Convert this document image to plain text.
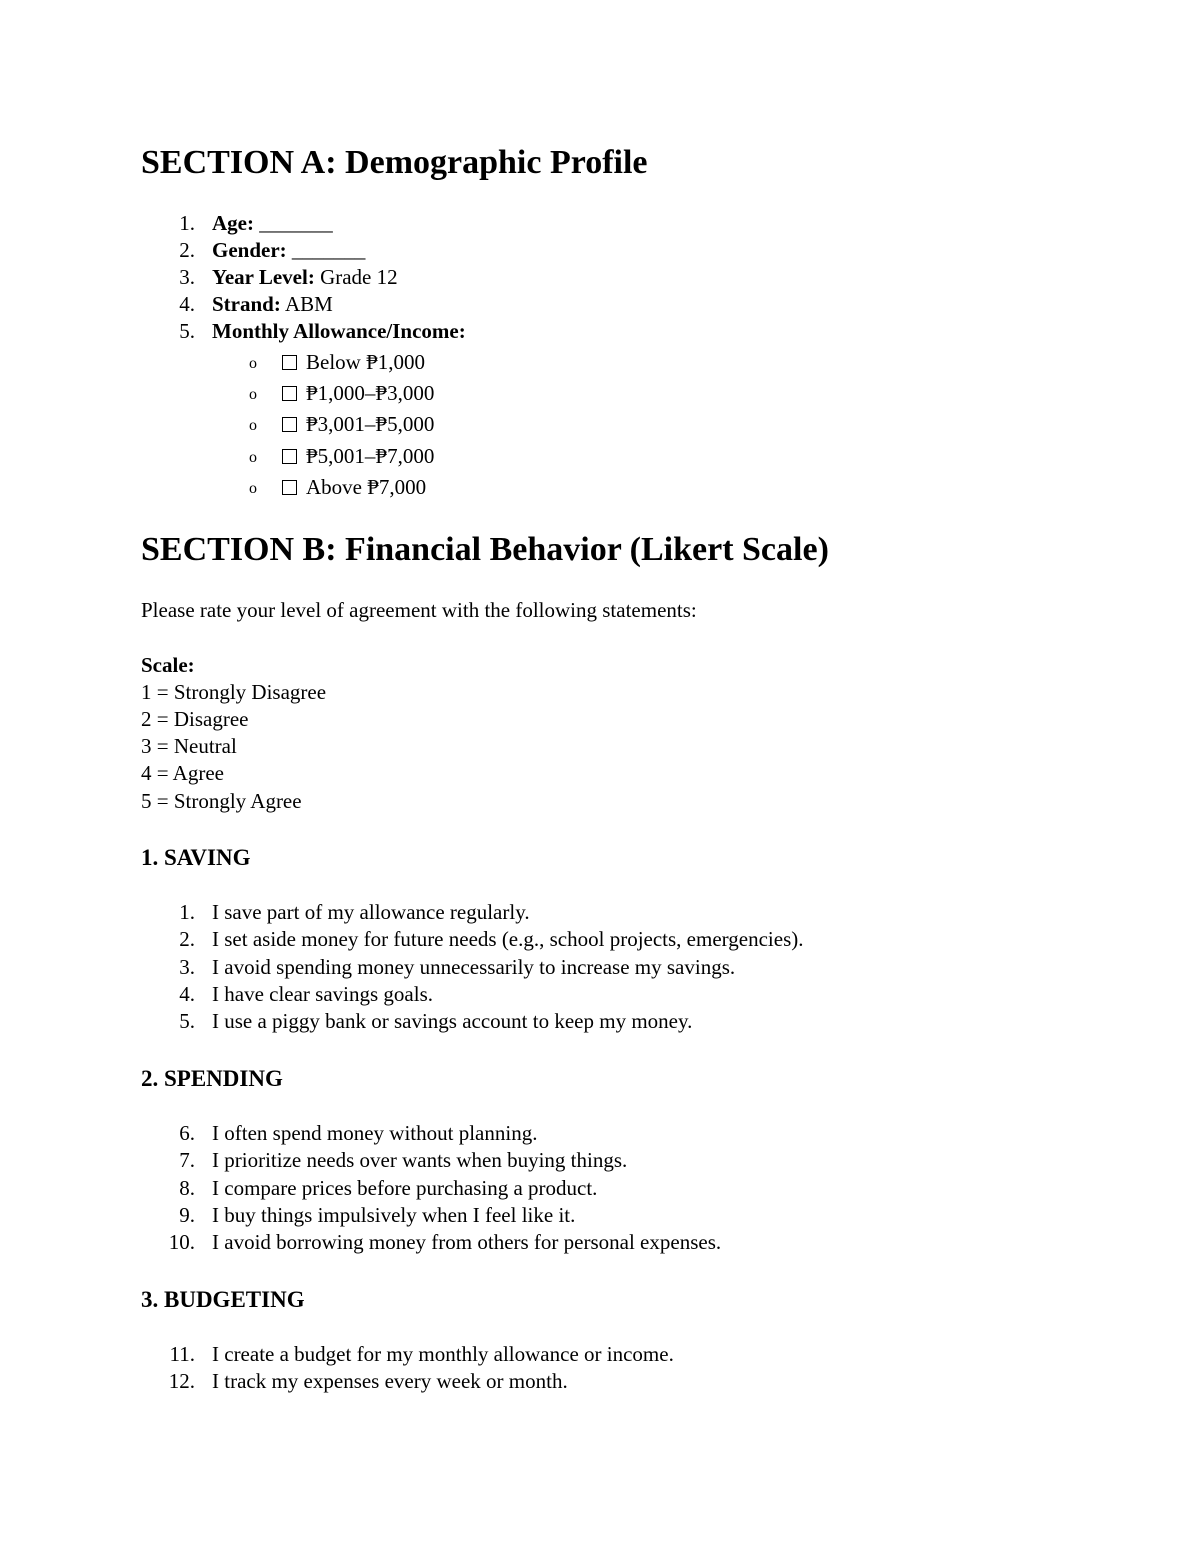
SECTION A: Demographic Profile
1. Age: _______
2. Gender: _______
3. Year Level: Grade 12
4. Strand: ABM
5. Monthly Allowance/Income:
o	Below ₱1,000
o	₱1,000–₱3,000
o	₱3,001–₱5,000
o	₱5,001–₱7,000
o	Above ₱7,000
SECTION B: Financial Behavior (Likert Scale)
Please rate your level of agreement with the following statements:
Scale:
1 = Strongly Disagree
2 = Disagree
3 = Neutral
4 = Agree
5 = Strongly Agree
1. SAVING
1. I save part of my allowance regularly.
2. I set aside money for future needs (e.g., school projects, emergencies).
3. I avoid spending money unnecessarily to increase my savings.
4. I have clear savings goals.
5. I use a piggy bank or savings account to keep my money.
2. SPENDING
6. I often spend money without planning.
7. I prioritize needs over wants when buying things.
8. I compare prices before purchasing a product.
9. I buy things impulsively when I feel like it.
10. I avoid borrowing money from others for personal expenses.
3. BUDGETING
11. I create a budget for my monthly allowance or income.
12. I track my expenses every week or month.
